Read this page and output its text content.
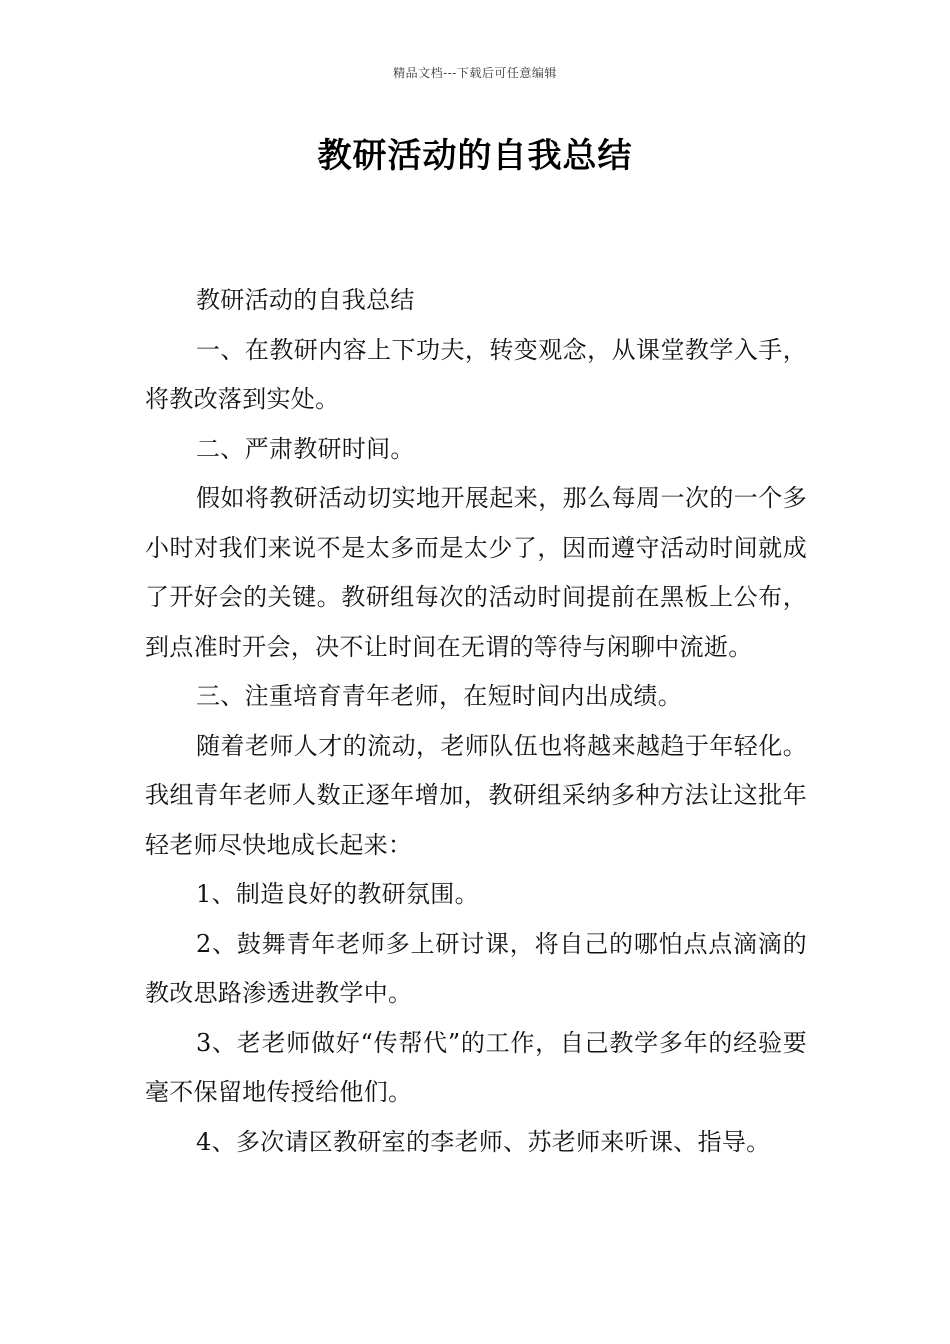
精品文档---下载后可任意编辑
教研活动的自我总结

教研活动的自我总结

一、在教研内容上下功夫，转变观念，从课堂教学入手，将教改落到实处。

二、严肃教研时间。

假如将教研活动切实地开展起来，那么每周一次的一个多小时对我们来说不是太多而是太少了，因而遵守活动时间就成了开好会的关键。教研组每次的活动时间提前在黑板上公布，到点准时开会，决不让时间在无谓的等待与闲聊中流逝。

三、注重培育青年老师，在短时间内出成绩。

随着老师人才的流动，老师队伍也将越来越趋于年轻化。我组青年老师人数正逐年增加，教研组采纳多种方法让这批年轻老师尽快地成长起来：

1、制造良好的教研氛围。

2、鼓舞青年老师多上研讨课，将自己的哪怕点点滴滴的教改思路渗透进教学中。

3、老老师做好“传帮代”的工作，自己教学多年的经验要毫不保留地传授给他们。

4、多次请区教研室的李老师、苏老师来听课、指导。
